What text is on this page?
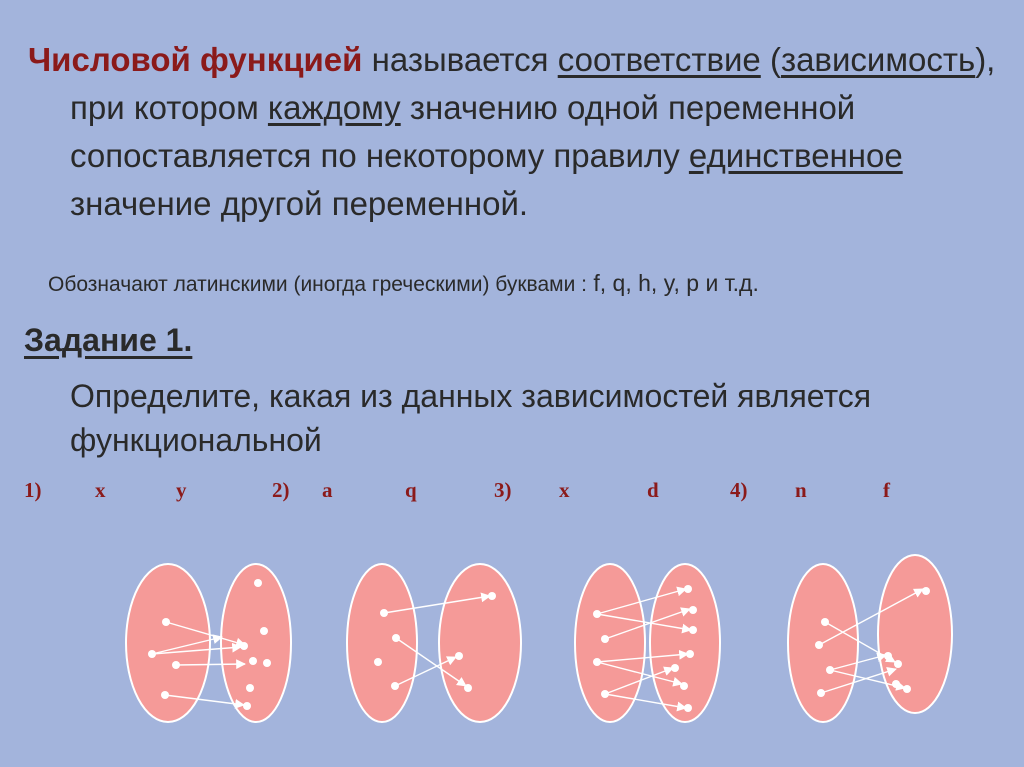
Числовой функцией называется соответствие (зависимость), при котором каждому значению одной переменной сопоставляется по некоторому правилу единственное значение другой переменной.
Обозначают латинскими (иногда греческими) буквами : f, q, h, y, p и т.д.
Задание 1.
Определите, какая из данных зависимостей является функциональной
1)	x	y	2) a	q	3) x	d	4) n	f
